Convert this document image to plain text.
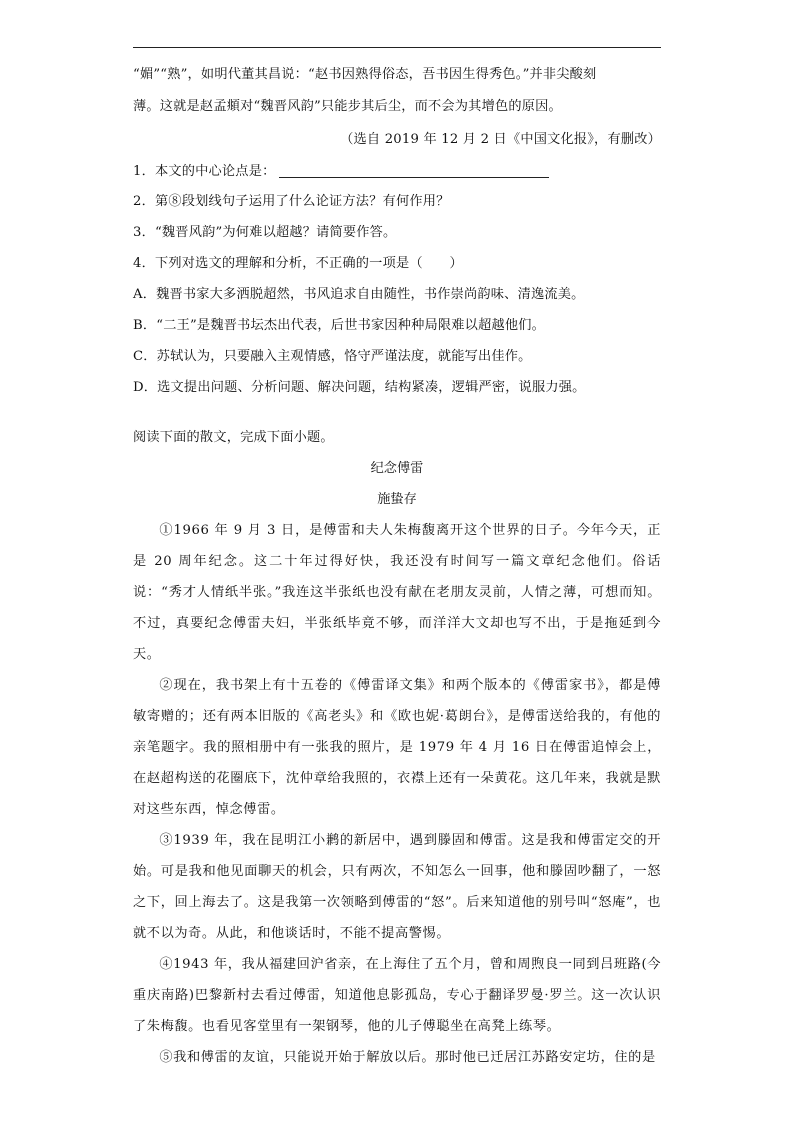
“媚”“熟”，如明代董其昌说：“赵书因熟得俗态，吾书因生得秀色。”并非尖酸刻
薄。这就是赵孟頫对“魏晋风韵”只能步其后尘，而不会为其增色的原因。
（选自 2019 年 12 月 2 日《中国文化报》，有删改）
1．本文的中心论点是：
2．第⑧段划线句子运用了什么论证方法？有何作用？
3．“魏晋风韵”为何难以超越？请简要作答。
4．下列对选文的理解和分析，不正确的一项是（　　）
A．魏晋书家大多洒脱超然，书风追求自由随性，书作崇尚韵味、清逸流美。
B．“二王”是魏晋书坛杰出代表，后世书家因种种局限难以超越他们。
C．苏轼认为，只要融入主观情感，恪守严谨法度，就能写出佳作。
D．选文提出问题、分析问题、解决问题，结构紧凑，逻辑严密，说服力强。
阅读下面的散文，完成下面小题。
纪念傅雷
施蛰存

①1966 年 9 月 3 日，是傅雷和夫人朱梅馥离开这个世界的日子。今年今天，正是 20 周年纪念。这二十年过得好快，我还没有时间写一篇文章纪念他们。俗话说：“秀才人情纸半张。”我连这半张纸也没有献在老朋友灵前，人情之薄，可想而知。不过，真要纪念傅雷夫妇，半张纸毕竟不够，而洋洋大文却也写不出，于是拖延到今天。

②现在，我书架上有十五卷的《傅雷译文集》和两个版本的《傅雷家书》，都是傅敏寄赠的；还有两本旧版的《高老头》和《欧也妮·葛朗台》，是傅雷送给我的，有他的亲笔题字。我的照相册中有一张我的照片，是 1979 年 4 月 16 日在傅雷追悼会上，在赵超构送的花圈底下，沈仲章给我照的，衣襟上还有一朵黄花。这几年来，我就是默对这些东西，悼念傅雷。

③1939 年，我在昆明江小鹣的新居中，遇到滕固和傅雷。这是我和傅雷定交的开始。可是我和他见面聊天的机会，只有两次，不知怎么一回事，他和滕固吵翻了，一怒之下，回上海去了。这是我第一次领略到傅雷的“怒”。后来知道他的别号叫“怒庵”，也就不以为奇。从此，和他谈话时，不能不提高警惕。

④1943 年，我从福建回沪省亲，在上海住了五个月，曾和周煦良一同到吕班路(今重庆南路)巴黎新村去看过傅雷，知道他息影孤岛，专心于翻译罗曼·罗兰。这一次认识了朱梅馥。也看见客堂里有一架钢琴，他的儿子傅聪坐在高凳上练琴。

⑤我和傅雷的友谊，只能说开始于解放以后。那时他已迁居江苏路安定坊，住的是
